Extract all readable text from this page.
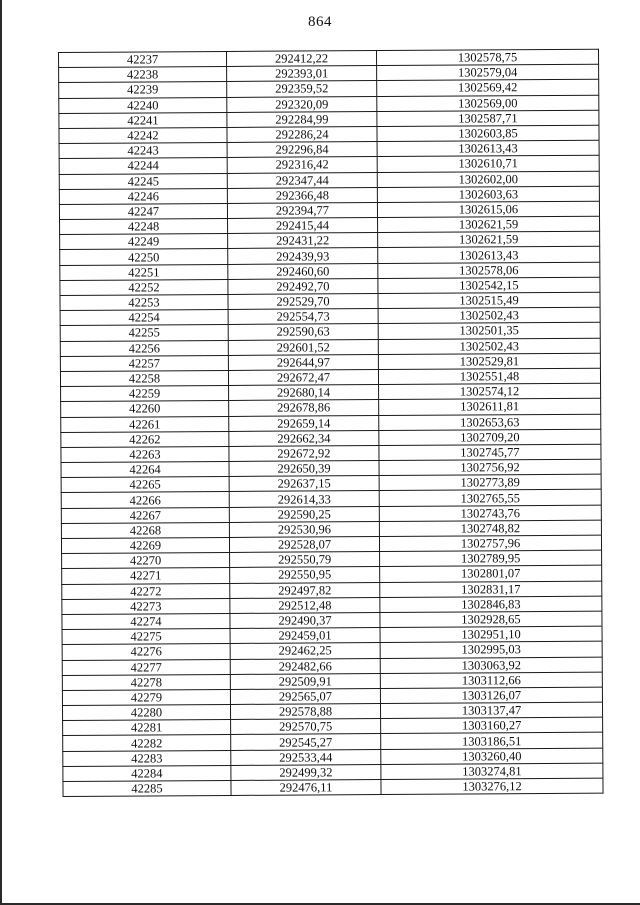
864
42237	292412,22	1302578,75
42238	292393,01	1302579,04
42239	292359,52	1302569,42
42240	292320,09	1302569,00
42241	292284,99	1302587,71
42242	292286,24	1302603,85
42243	292296,84	1302613,43
42244	292316,42	1302610,71
42245	292347,44	1302602,00
42246	292366,48	1302603,63
42247	292394,77	1302615,06
42248	292415,44	1302621,59
42249	292431,22	1302621,59
42250	292439,93	1302613,43
42251	292460,60	1302578,06
42252	292492,70	1302542,15
42253	292529,70	1302515,49
42254	292554,73	1302502,43
42255	292590,63	1302501,35
42256	292601,52	1302502,43
42257	292644,97	1302529,81
42258	292672,47	1302551,48
42259	292680,14	1302574,12
42260	292678,86	1302611,81
42261	292659,14	1302653,63
42262	292662,34	1302709,20
42263	292672,92	1302745,77
42264	292650,39	1302756,92
42265	292637,15	1302773,89
42266	292614,33	1302765,55
42267	292590,25	1302743,76
42268	292530,96	1302748,82
42269	292528,07	1302757,96
42270	292550,79	1302789,95
42271	292550,95	1302801,07
42272	292497,82	1302831,17
42273	292512,48	1302846,83
42274	292490,37	1302928,65
42275	292459,01	1302951,10
42276	292462,25	1302995,03
42277	292482,66	1303063,92
42278	292509,91	1303112,66
42279	292565,07	1303126,07
42280	292578,88	1303137,47
42281	292570,75	1303160,27
42282	292545,27	1303186,51
42283	292533,44	1303260,40
42284	292499,32	1303274,81
42285	292476,11	1303276,12
